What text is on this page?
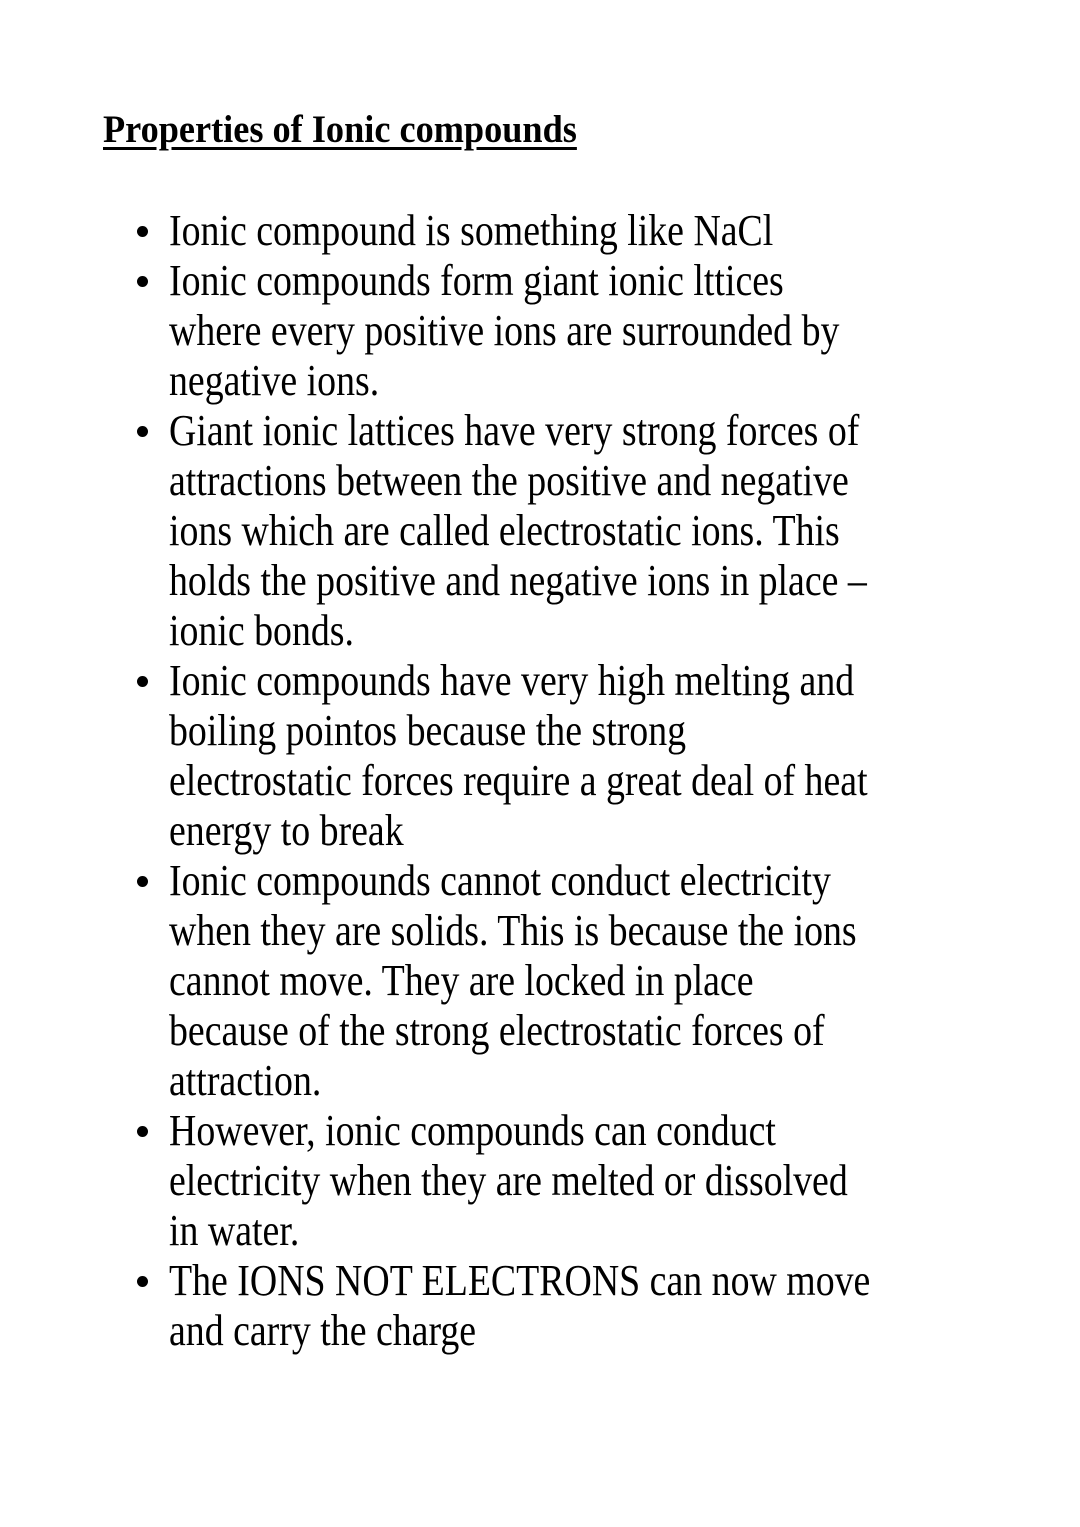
Properties of Ionic compounds
Ionic compound is something like NaCl
Ionic compounds form giant ionic lttices
where every positive ions are surrounded by
negative ions.
Giant ionic lattices have very strong forces of
attractions between the positive and negative
ions which are called electrostatic ions. This
holds the positive and negative ions in place –
ionic bonds.
Ionic compounds have very high melting and
boiling pointos because the strong
electrostatic forces require a great deal of heat
energy to break
Ionic compounds cannot conduct electricity
when they are solids. This is because the ions
cannot move. They are locked in place
because of the strong electrostatic forces of
attraction.
However, ionic compounds can conduct
electricity when they are melted or dissolved
in water.
The IONS NOT ELECTRONS can now move
and carry the charge
